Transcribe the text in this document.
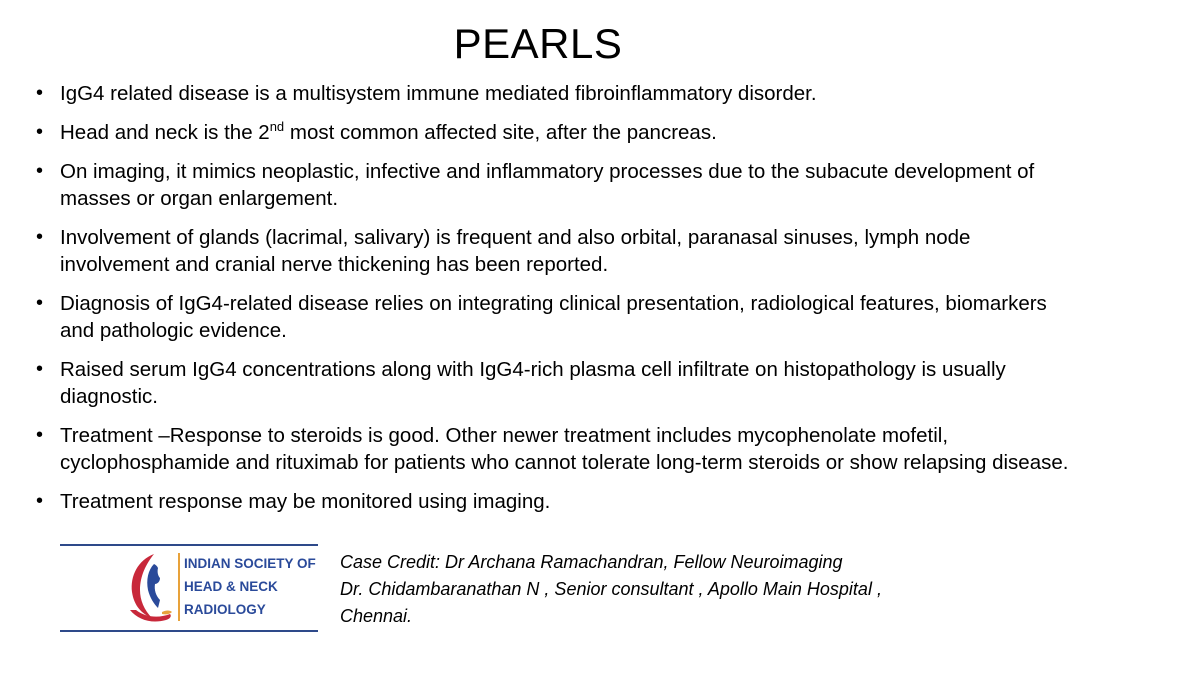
PEARLS
• IgG4 related disease is a multisystem immune mediated fibroinflammatory disorder.
• Head and neck is the 2nd most common affected site, after the pancreas.
• On imaging, it mimics neoplastic, infective and inflammatory processes due to the subacute development of
masses or organ enlargement.
• Involvement of glands (lacrimal, salivary) is frequent and also orbital, paranasal sinuses, lymph node
involvement and cranial nerve thickening has been reported.
• Diagnosis of IgG4-related disease relies on integrating clinical presentation, radiological features, biomarkers
and pathologic evidence.
• Raised serum IgG4 concentrations along with IgG4-rich plasma cell infiltrate on histopathology is usually
diagnostic.
• Treatment –Response to steroids is good. Other newer treatment includes mycophenolate mofetil,
cyclophosphamide and rituximab for patients who cannot tolerate long-term steroids or show relapsing disease.
• Treatment response may be monitored using imaging.
INDIAN SOCIETY OF
HEAD & NECK
RADIOLOGY
Case Credit: Dr Archana Ramachandran, Fellow Neuroimaging
Dr. Chidambaranathan N , Senior consultant , Apollo Main Hospital ,
Chennai.
